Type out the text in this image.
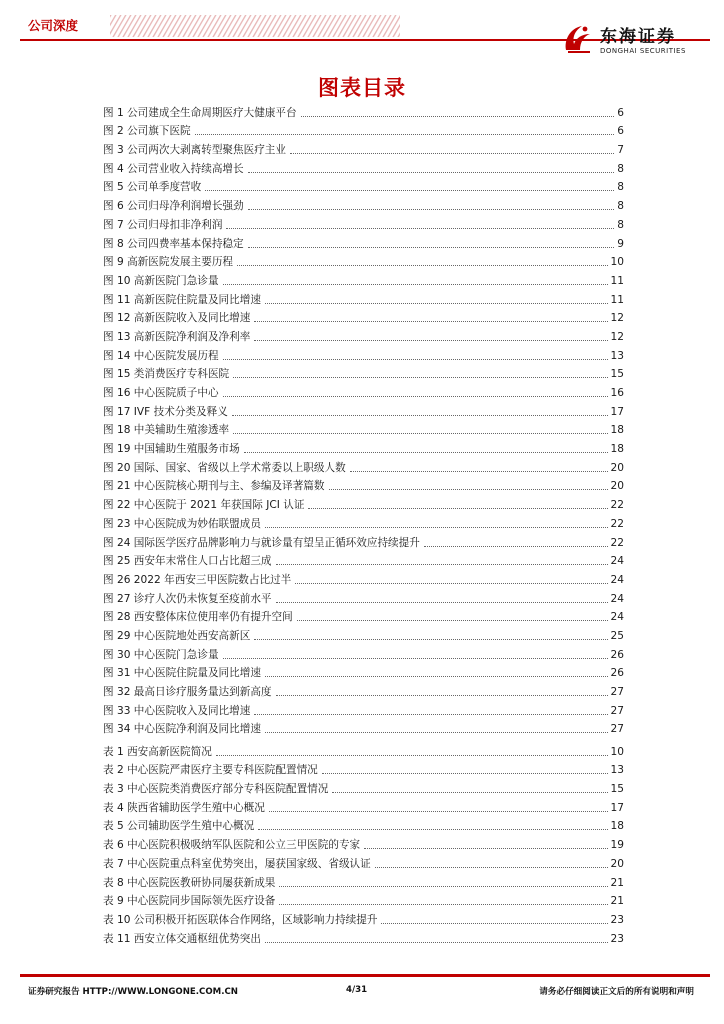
公司深度
东海证券
DONGHAI SECURITIES
图表目录
图 1 公司建成全生命周期医疗大健康平台	6
图 2 公司旗下医院	6
图 3 公司两次大剥离转型聚焦医疗主业	7
图 4 公司营业收入持续高增长	8
图 5 公司单季度营收	8
图 6 公司归母净利润增长强劲	8
图 7 公司归母扣非净利润	8
图 8 公司四费率基本保持稳定	9
图 9 高新医院发展主要历程	10
图 10 高新医院门急诊量	11
图 11 高新医院住院量及同比增速	11
图 12 高新医院收入及同比增速	12
图 13 高新医院净利润及净利率	12
图 14 中心医院发展历程	13
图 15 类消费医疗专科医院	15
图 16 中心医院质子中心	16
图 17 IVF 技术分类及释义	17
图 18 中美辅助生殖渗透率	18
图 19 中国辅助生殖服务市场	18
图 20 国际、国家、省级以上学术常委以上职级人数	20
图 21 中心医院核心期刊与主、参编及译著篇数	20
图 22 中心医院于 2021 年获国际 JCI 认证	22
图 23 中心医院成为妙佑联盟成员	22
图 24 国际医学医疗品牌影响力与就诊量有望呈正循环效应持续提升	22
图 25 西安年末常住人口占比超三成	24
图 26 2022 年西安三甲医院数占比过半	24
图 27 诊疗人次仍未恢复至疫前水平	24
图 28 西安整体床位使用率仍有提升空间	24
图 29 中心医院地处西安高新区	25
图 30 中心医院门急诊量	26
图 31 中心医院住院量及同比增速	26
图 32 最高日诊疗服务量达到新高度	27
图 33 中心医院收入及同比增速	27
图 34 中心医院净利润及同比增速	27
表 1 西安高新医院简况	10
表 2 中心医院严肃医疗主要专科医院配置情况	13
表 3 中心医院类消费医疗部分专科医院配置情况	15
表 4 陕西省辅助医学生殖中心概况	17
表 5 公司辅助医学生殖中心概况	18
表 6 中心医院积极吸纳军队医院和公立三甲医院的专家	19
表 7 中心医院重点科室优势突出，屡获国家级、省级认证	20
表 8 中心医院医教研协同屡获新成果	21
表 9 中心医院同步国际领先医疗设备	21
表 10 公司积极开拓医联体合作网络，区域影响力持续提升	23
表 11 西安立体交通枢纽优势突出	23
证券研究报告 HTTP://WWW.LONGONE.COM.CN	4/31	请务必仔细阅读正文后的所有说明和声明
